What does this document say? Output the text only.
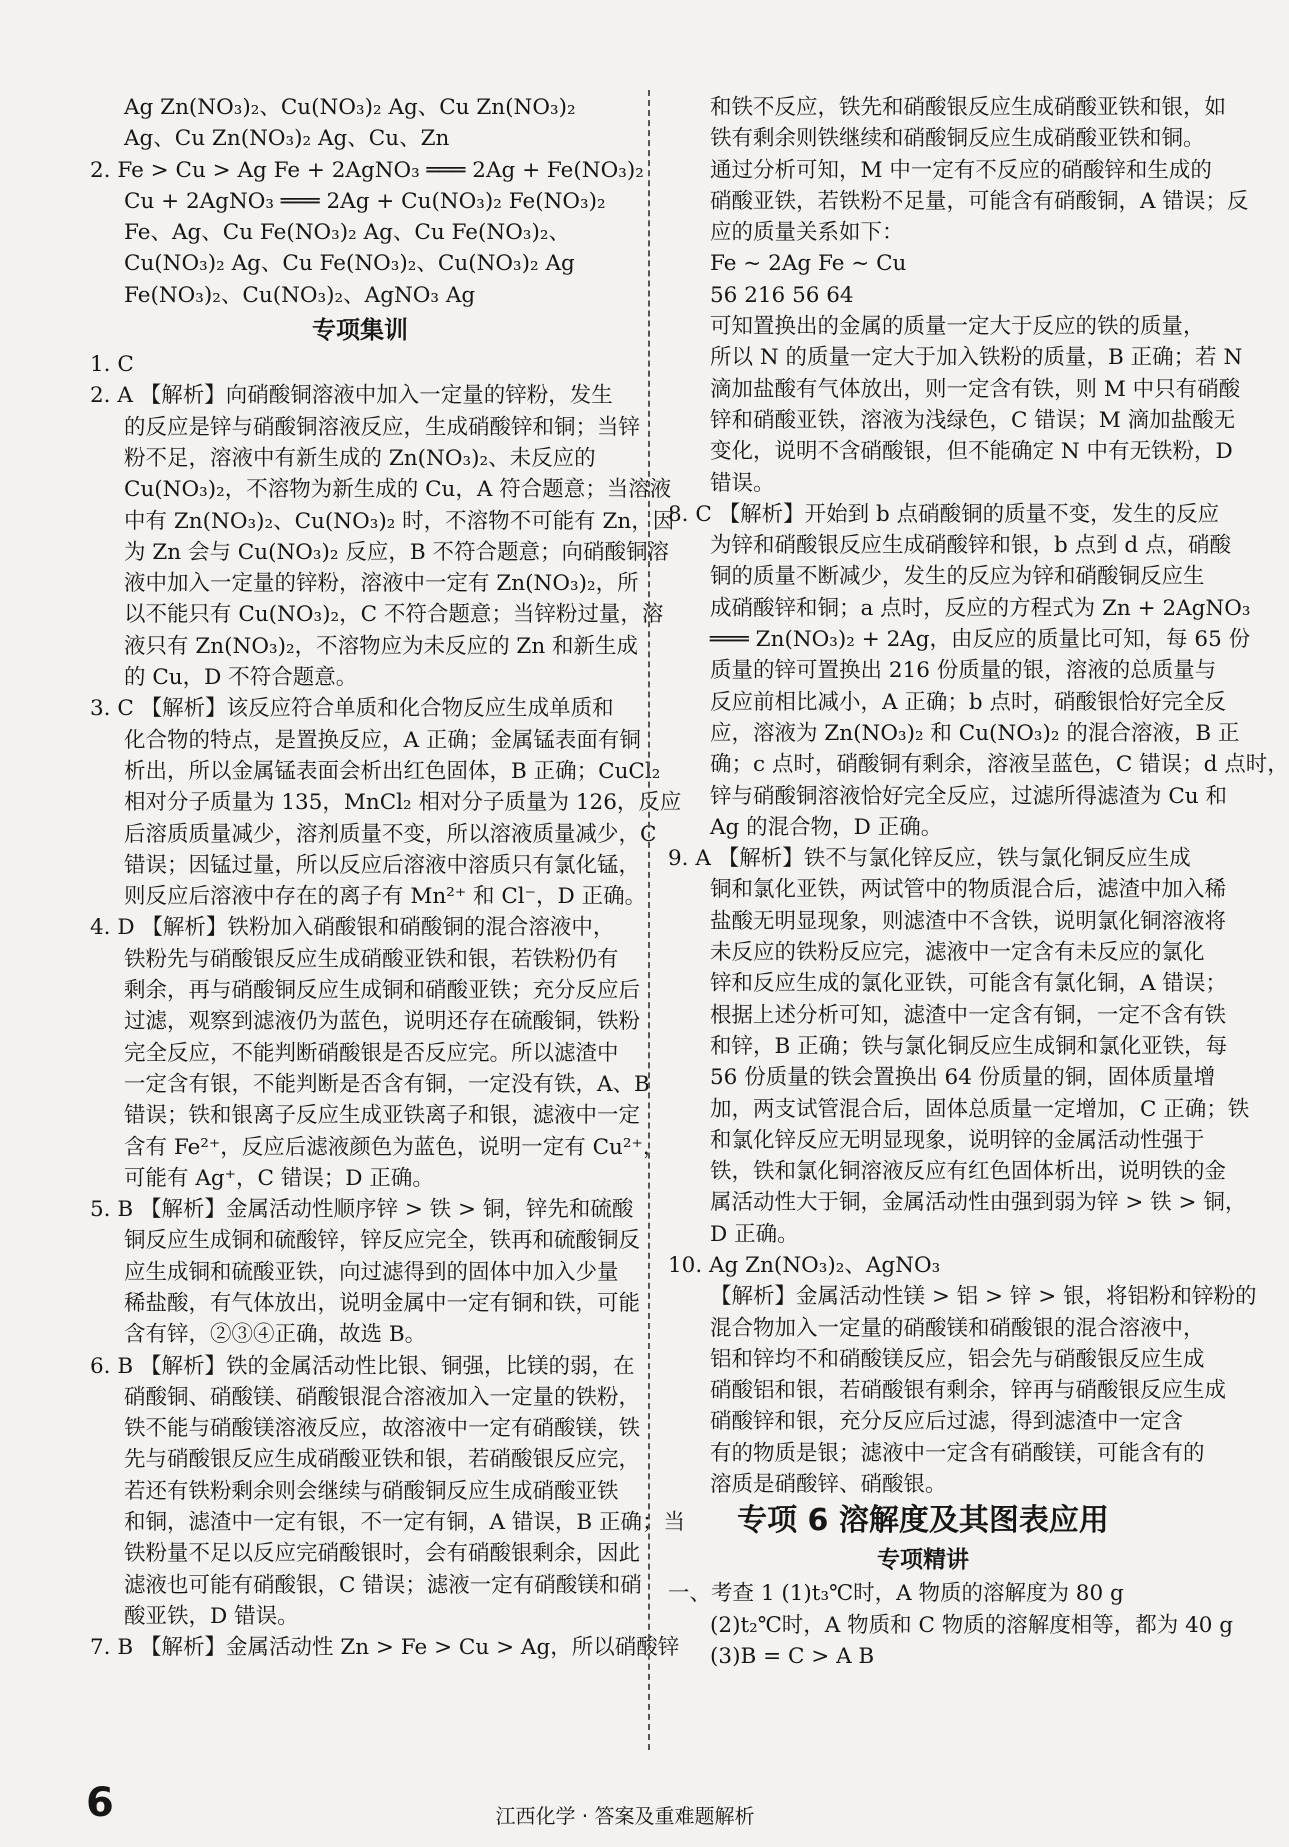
Ag Zn(NO₃)₂、Cu(NO₃)₂ Ag、Cu Zn(NO₃)₂
Ag、Cu Zn(NO₃)₂ Ag、Cu、Zn
2. Fe > Cu > Ag Fe + 2AgNO₃ ═══ 2Ag + Fe(NO₃)₂
Cu + 2AgNO₃ ═══ 2Ag + Cu(NO₃)₂ Fe(NO₃)₂
Fe、Ag、Cu Fe(NO₃)₂ Ag、Cu Fe(NO₃)₂、
Cu(NO₃)₂ Ag、Cu Fe(NO₃)₂、Cu(NO₃)₂ Ag
Fe(NO₃)₂、Cu(NO₃)₂、AgNO₃ Ag
专项集训
1. C
2. A 【解析】向硝酸铜溶液中加入一定量的锌粉，发生
的反应是锌与硝酸铜溶液反应，生成硝酸锌和铜；当锌
粉不足，溶液中有新生成的 Zn(NO₃)₂、未反应的
Cu(NO₃)₂，不溶物为新生成的 Cu，A 符合题意；当溶液
中有 Zn(NO₃)₂、Cu(NO₃)₂ 时，不溶物不可能有 Zn，因
为 Zn 会与 Cu(NO₃)₂ 反应，B 不符合题意；向硝酸铜溶
液中加入一定量的锌粉，溶液中一定有 Zn(NO₃)₂，所
以不能只有 Cu(NO₃)₂，C 不符合题意；当锌粉过量，溶
液只有 Zn(NO₃)₂，不溶物应为未反应的 Zn 和新生成
的 Cu，D 不符合题意。
3. C 【解析】该反应符合单质和化合物反应生成单质和
化合物的特点，是置换反应，A 正确；金属锰表面有铜
析出，所以金属锰表面会析出红色固体，B 正确；CuCl₂
相对分子质量为 135，MnCl₂ 相对分子质量为 126，反应
后溶质质量减少，溶剂质量不变，所以溶液质量减少，C
错误；因锰过量，所以反应后溶液中溶质只有氯化锰，
则反应后溶液中存在的离子有 Mn²⁺ 和 Cl⁻，D 正确。
4. D 【解析】铁粉加入硝酸银和硝酸铜的混合溶液中，
铁粉先与硝酸银反应生成硝酸亚铁和银，若铁粉仍有
剩余，再与硝酸铜反应生成铜和硝酸亚铁；充分反应后
过滤，观察到滤液仍为蓝色，说明还存在硫酸铜，铁粉
完全反应，不能判断硝酸银是否反应完。所以滤渣中
一定含有银，不能判断是否含有铜，一定没有铁，A、B
错误；铁和银离子反应生成亚铁离子和银，滤液中一定
含有 Fe²⁺，反应后滤液颜色为蓝色，说明一定有 Cu²⁺，
可能有 Ag⁺，C 错误；D 正确。
5. B 【解析】金属活动性顺序锌 > 铁 > 铜，锌先和硫酸
铜反应生成铜和硫酸锌，锌反应完全，铁再和硫酸铜反
应生成铜和硫酸亚铁，向过滤得到的固体中加入少量
稀盐酸，有气体放出，说明金属中一定有铜和铁，可能
含有锌，②③④正确，故选 B。
6. B 【解析】铁的金属活动性比银、铜强，比镁的弱，在
硝酸铜、硝酸镁、硝酸银混合溶液加入一定量的铁粉，
铁不能与硝酸镁溶液反应，故溶液中一定有硝酸镁，铁
先与硝酸银反应生成硝酸亚铁和银，若硝酸银反应完，
若还有铁粉剩余则会继续与硝酸铜反应生成硝酸亚铁
和铜，滤渣中一定有银，不一定有铜，A 错误，B 正确；当
铁粉量不足以反应完硝酸银时，会有硝酸银剩余，因此
滤液也可能有硝酸银，C 错误；滤液一定有硝酸镁和硝
酸亚铁，D 错误。
7. B 【解析】金属活动性 Zn > Fe > Cu > Ag，所以硝酸锌
和铁不反应，铁先和硝酸银反应生成硝酸亚铁和银，如
铁有剩余则铁继续和硝酸铜反应生成硝酸亚铁和铜。
通过分析可知，M 中一定有不反应的硝酸锌和生成的
硝酸亚铁，若铁粉不足量，可能含有硝酸铜，A 错误；反
应的质量关系如下：
Fe ~ 2Ag Fe ~ Cu
56 216 56 64
可知置换出的金属的质量一定大于反应的铁的质量，
所以 N 的质量一定大于加入铁粉的质量，B 正确；若 N
滴加盐酸有气体放出，则一定含有铁，则 M 中只有硝酸
锌和硝酸亚铁，溶液为浅绿色，C 错误；M 滴加盐酸无
变化，说明不含硝酸银，但不能确定 N 中有无铁粉，D
错误。
8. C 【解析】开始到 b 点硝酸铜的质量不变，发生的反应
为锌和硝酸银反应生成硝酸锌和银，b 点到 d 点，硝酸
铜的质量不断减少，发生的反应为锌和硝酸铜反应生
成硝酸锌和铜；a 点时，反应的方程式为 Zn + 2AgNO₃
═══ Zn(NO₃)₂ + 2Ag，由反应的质量比可知，每 65 份
质量的锌可置换出 216 份质量的银，溶液的总质量与
反应前相比减小，A 正确；b 点时，硝酸银恰好完全反
应，溶液为 Zn(NO₃)₂ 和 Cu(NO₃)₂ 的混合溶液，B 正
确；c 点时，硝酸铜有剩余，溶液呈蓝色，C 错误；d 点时，
锌与硝酸铜溶液恰好完全反应，过滤所得滤渣为 Cu 和
Ag 的混合物，D 正确。
9. A 【解析】铁不与氯化锌反应，铁与氯化铜反应生成
铜和氯化亚铁，两试管中的物质混合后，滤渣中加入稀
盐酸无明显现象，则滤渣中不含铁，说明氯化铜溶液将
未反应的铁粉反应完，滤液中一定含有未反应的氯化
锌和反应生成的氯化亚铁，可能含有氯化铜，A 错误；
根据上述分析可知，滤渣中一定含有铜，一定不含有铁
和锌，B 正确；铁与氯化铜反应生成铜和氯化亚铁，每
56 份质量的铁会置换出 64 份质量的铜，固体质量增
加，两支试管混合后，固体总质量一定增加，C 正确；铁
和氯化锌反应无明显现象，说明锌的金属活动性强于
铁，铁和氯化铜溶液反应有红色固体析出，说明铁的金
属活动性大于铜，金属活动性由强到弱为锌 > 铁 > 铜，
D 正确。
10. Ag Zn(NO₃)₂、AgNO₃
【解析】金属活动性镁 > 铝 > 锌 > 银，将铝粉和锌粉的
混合物加入一定量的硝酸镁和硝酸银的混合溶液中，
铝和锌均不和硝酸镁反应，铝会先与硝酸银反应生成
硝酸铝和银，若硝酸银有剩余，锌再与硝酸银反应生成
硝酸锌和银，充分反应后过滤，得到滤渣中一定含
有的物质是银；滤液中一定含有硝酸镁，可能含有的
溶质是硝酸锌、硝酸银。
专项 6 溶解度及其图表应用
专项精讲
一、考查 1 (1)t₃℃时，A 物质的溶解度为 80 g
(2)t₂℃时，A 物质和 C 物质的溶解度相等，都为 40 g
(3)B = C > A B
6	江西化学 · 答案及重难题解析
